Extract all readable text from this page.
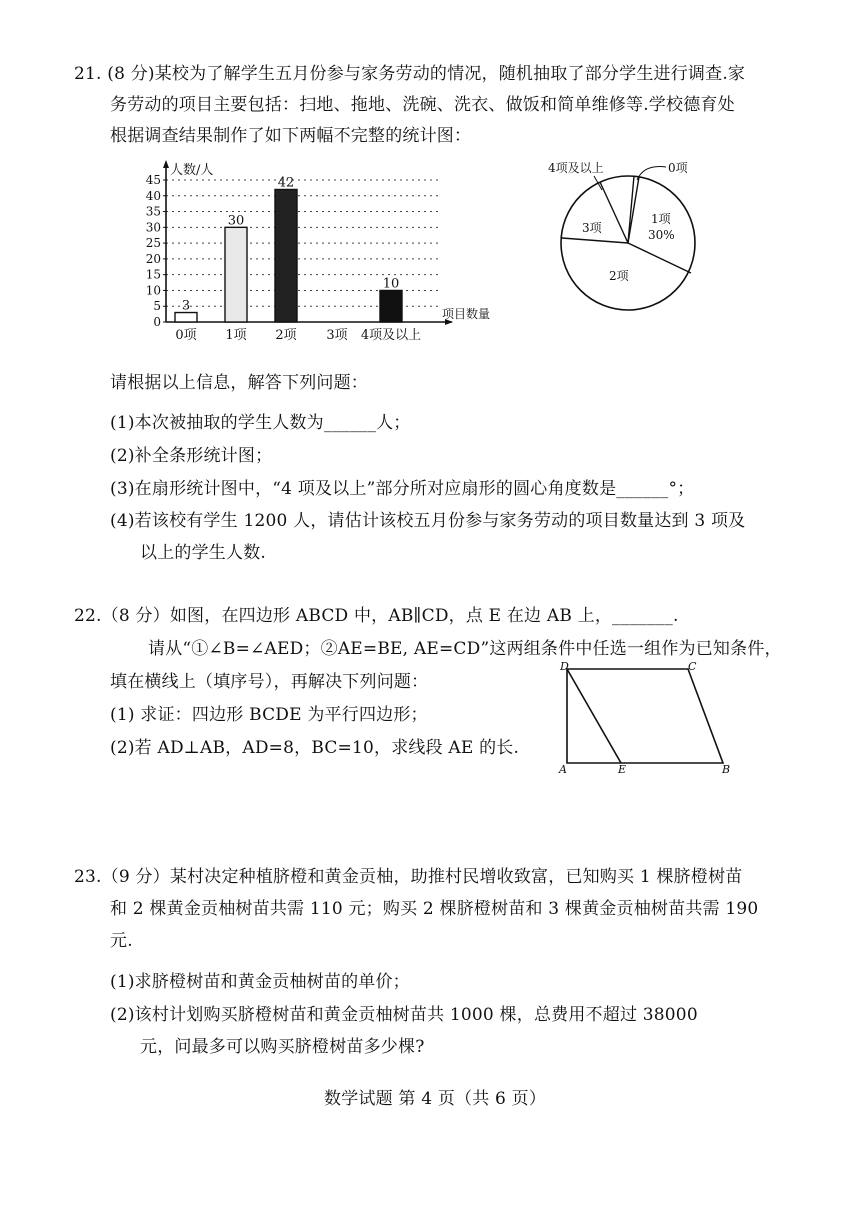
21. (8 分)某校为了解学生五月份参与家务劳动的情况，随机抽取了部分学生进行调查.家
务劳动的项目主要包括：扫地、拖地、洗碗、洗衣、做饭和简单维修等.学校德育处
根据调查结果制作了如下两幅不完整的统计图：
0
5
10
15
20
25
30
35
40
45
人数/人
项目数量
3
0项
30
1项
42
2项 3项
10
4项及以上
4项及以上	0项
1项
30%
2项
3项
请根据以上信息，解答下列问题：
(1)本次被抽取的学生人数为______人；
(2)补全条形统计图；
(3)在扇形统计图中，“4 项及以上”部分所对应扇形的圆心角度数是______°；
(4)若该校有学生 1200 人，请估计该校五月份参与家务劳动的项目数量达到 3 项及
以上的学生人数.
22.（8 分）如图，在四边形 ABCD 中，AB∥CD，点 E 在边 AB 上，_______.
请从“①∠B=∠AED；②AE=BE, AE=CD”这两组条件中任选一组作为已知条件，
填在横线上（填序号），再解决下列问题：
(1) 求证：四边形 BCDE 为平行四边形；
(2)若 AD⊥AB，AD=8，BC=10，求线段 AE 的长.
D	C
A	E	B
23.（9 分）某村决定种植脐橙和黄金贡柚，助推村民增收致富，已知购买 1 棵脐橙树苗
和 2 棵黄金贡柚树苗共需 110 元；购买 2 棵脐橙树苗和 3 棵黄金贡柚树苗共需 190
元.
(1)求脐橙树苗和黄金贡柚树苗的单价；
(2)该村计划购买脐橙树苗和黄金贡柚树苗共 1000 棵，总费用不超过 38000
元，问最多可以购买脐橙树苗多少棵?
数学试题 第 4 页（共 6 页）
